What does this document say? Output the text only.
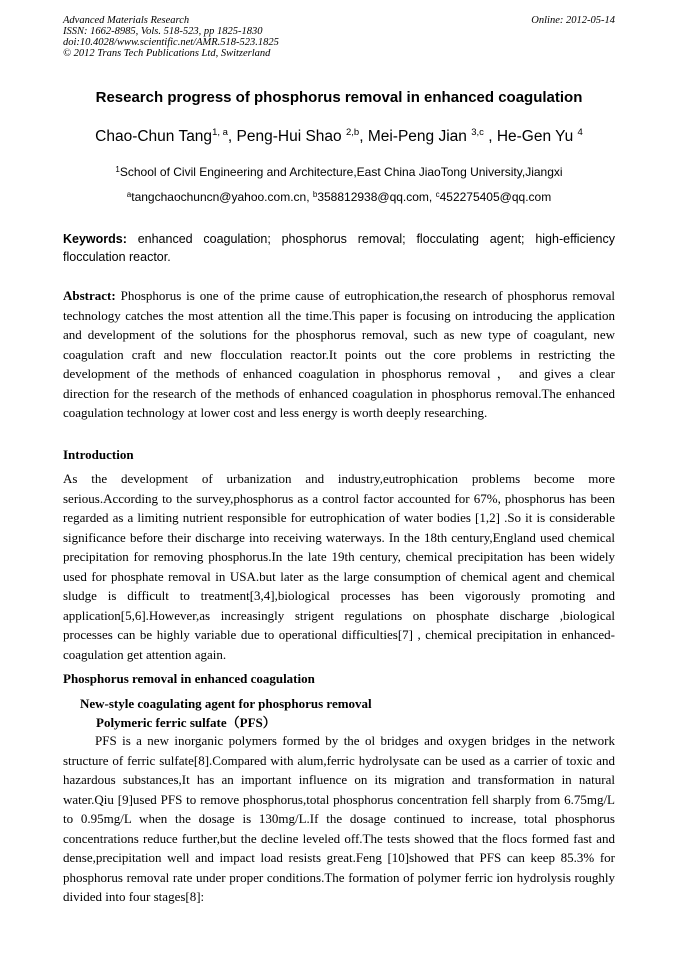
Advanced Materials Research
ISSN: 1662-8985, Vols. 518-523, pp 1825-1830
doi:10.4028/www.scientific.net/AMR.518-523.1825
© 2012 Trans Tech Publications Ltd, Switzerland
Online: 2012-05-14
Research progress of phosphorus removal in enhanced coagulation
Chao-Chun Tang$^{1, a}$, Peng-Hui Shao $^{2,b}$, Mei-Peng Jian $^{3,c}$ , He-Gen Yu $^4$
$^1$School of Civil Engineering and Architecture,East China JiaoTong University,Jiangxi
$^a$tangchaochuncn@yahoo.com.cn, $^b$358812938@qq.com, $^c$452275405@qq.com
Keywords: enhanced coagulation; phosphorus removal; flocculating agent; high-efficiency flocculation reactor.
Abstract: Phosphorus is one of the prime cause of eutrophication,the research of phosphorus removal technology catches the most attention all the time.This paper is focusing on introducing the application and development of the solutions for the phosphorus removal, such as new type of coagulant, new coagulation craft and new flocculation reactor.It points out the core problems in restricting the development of the methods of enhanced coagulation in phosphorus removal ， and gives a clear direction for the research of the methods of enhanced coagulation in phosphorus removal.The enhanced coagulation technology at lower cost and less energy is worth deeply researching.
Introduction
As the development of urbanization and industry,eutrophication problems become more serious.According to the survey,phosphorus as a control factor accounted for 67%, phosphorus has been regarded as a limiting nutrient responsible for eutrophication of water bodies [1,2] .So it is considerable significance before their discharge into receiving waterways. In the 18th century,England used chemical precipitation for removing phosphorus.In the late 19th century, chemical precipitation has been widely used for phosphate removal in USA.but later as the large consumption of chemical agent and chemical sludge is difficult to treatment[3,4],biological processes has been vigorously promoting and application[5,6].However,as increasingly strigent regulations on phosphate discharge ,biological processes can be highly variable due to operational difficulties[7] , chemical precipitation in enhanced-coagulation get attention again.
Phosphorus removal in enhanced coagulation
New-style coagulating agent for phosphorus removal
Polymeric ferric sulfate（PFS）
PFS is a new inorganic polymers formed by the ol bridges and oxygen bridges in the network structure of ferric sulfate[8].Compared with alum,ferric hydrolysate can be used as a carrier of toxic and hazardous substances,It has an important influence on its migration and transformation in natural water.Qiu [9]used PFS to remove phosphorus,total phosphorus concentration fell sharply from 6.75mg/L to 0.95mg/L when the dosage is 130mg/L.If the dosage continued to increase, total phosphorus concentrations reduce further,but the decline leveled off.The tests showed that the flocs formed fast and dense,precipitation well and impact load resists great.Feng [10]showed that PFS can keep 85.3% for phosphorus removal rate under proper conditions.The formation of polymer ferric ion hydrolysis roughly divided into four stages[8]:
